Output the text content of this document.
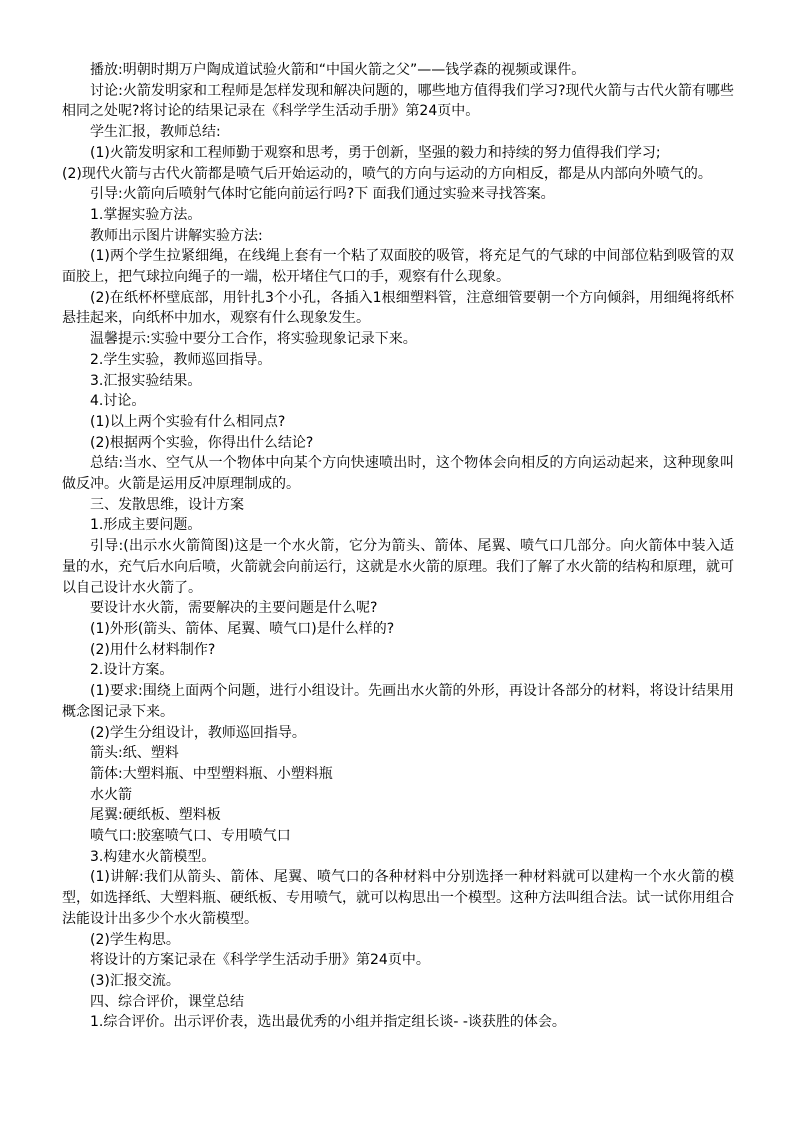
播放:明朝时期万户陶成道试验火箭和“中国火箭之父”——钱学森的视频或课件。

讨论:火箭发明家和工程师是怎样发现和解决问题的，哪些地方值得我们学习?现代火箭与古代火箭有哪些相同之处呢?将讨论的结果记录在《科学学生活动手册》第24页中。

学生汇报，教师总结:

(1)火箭发明家和工程师勤于观察和思考，勇于创新，坚强的毅力和持续的努力值得我们学习;

(2)现代火箭与古代火箭都是喷气后开始运动的，喷气的方向与运动的方向相反，都是从内部向外喷气的。

引导:火箭向后喷射气体时它能向前运行吗?下 面我们通过实验来寻找答案。

1.掌握实验方法。

教师出示图片讲解实验方法:

(1)两个学生拉紧细绳，在线绳上套有一个粘了双面胶的吸管，将充足气的气球的中间部位粘到吸管的双面胶上，把气球拉向绳子的一端，松开堵住气口的手，观察有什么现象。

(2)在纸杯杯壁底部，用针扎3个小孔，各插入1根细塑料管，注意细管要朝一个方向倾斜，用细绳将纸杯悬挂起来，向纸杯中加水，观察有什么现象发生。

温馨提示:实验中要分工合作，将实验现象记录下来。

2.学生实验，教师巡回指导。

3.汇报实验结果。

4.讨论。

(1)以上两个实验有什么相同点?

(2)根据两个实验，你得出什么结论?

总结:当水、空气从一个物体中向某个方向快速喷出时，这个物体会向相反的方向运动起来，这种现象叫做反冲。火箭是运用反冲原理制成的。

三、发散思维，设计方案

1.形成主要问题。

引导:(出示水火箭简图)这是一个水火箭，它分为箭头、箭体、尾翼、喷气口几部分。向火箭体中装入适量的水，充气后水向后喷，火箭就会向前运行，这就是水火箭的原理。我们了解了水火箭的结构和原理，就可以自己设计水火箭了。

要设计水火箭，需要解决的主要问题是什么呢?

(1)外形(箭头、箭体、尾翼、喷气口)是什么样的?

(2)用什么材料制作?

2.设计方案。

(1)要求:围绕上面两个问题，进行小组设计。先画出水火箭的外形，再设计各部分的材料，将设计结果用概念图记录下来。

(2)学生分组设计，教师巡回指导。

箭头:纸、塑料

箭体:大塑料瓶、中型塑料瓶、小塑料瓶

水火箭

尾翼:硬纸板、塑料板

喷气口:胶塞喷气口、专用喷气口

3.构建水火箭模型。

(1)讲解:我们从箭头、箭体、尾翼、喷气口的各种材料中分别选择一种材料就可以建构一个水火箭的模型，如选择纸、大塑料瓶、硬纸板、专用喷气，就可以构思出一个模型。这种方法叫组合法。试一试你用组合法能设计出多少个水火箭模型。

(2)学生构思。

将设计的方案记录在《科学学生活动手册》第24页中。

(3)汇报交流。

四、综合评价，课堂总结

1.综合评价。出示评价表，选出最优秀的小组并指定组长谈- -谈获胜的体会。
